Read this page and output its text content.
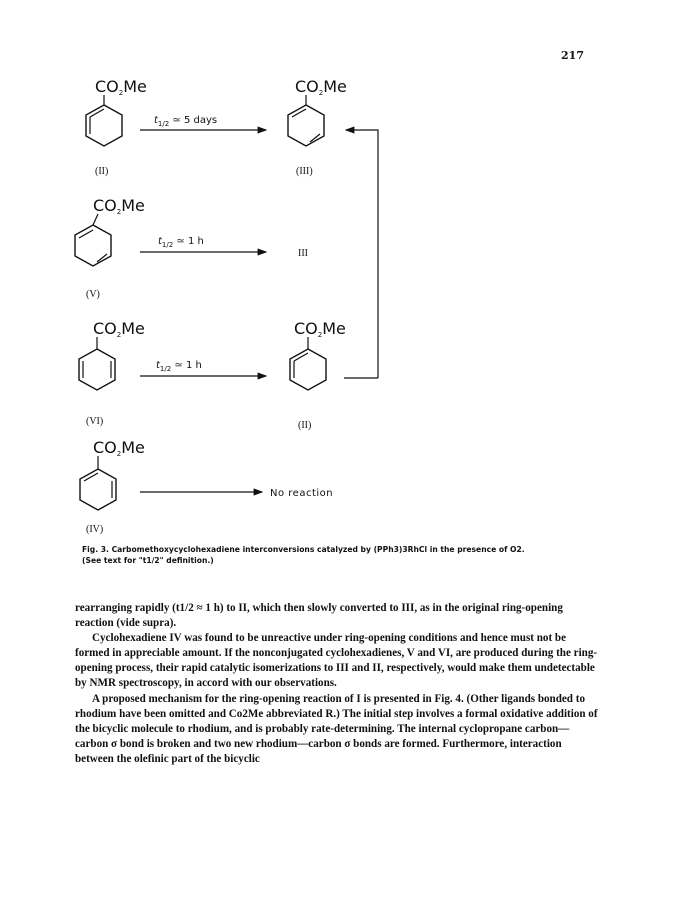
217
CO2Me
(II)
$t_{1/2}$ ≃ 5 days
CO2Me
(III)
CO2Me
(V)
$t_{1/2}$ ≃ 1 h
III
CO2Me
(VI)
$t_{1/2}$ ≃ 1 h
CO2Me
(II)
CO2Me
(IV)
No reaction
Fig. 3. Carbomethoxycyclohexadiene interconversions catalyzed by (PPh3)3RhCl in the presence of O2.
(See text for "t1/2" definition.)

rearranging rapidly (t1/2 ≈ 1 h) to II, which then slowly converted to III, as in the original ring-opening reaction (vide supra).

Cyclohexadiene IV was found to be unreactive under ring-opening conditions and hence must not be formed in appreciable amount. If the nonconjugated cyclohexadienes, V and VI, are produced during the ring-opening process, their rapid catalytic isomerizations to III and II, respectively, would make them undetectable by NMR spectroscopy, in accord with our observations.

A proposed mechanism for the ring-opening reaction of I is presented in Fig. 4. (Other ligands bonded to rhodium have been omitted and Co2Me abbreviated R.) The initial step involves a formal oxidative addition of the bicyclic molecule to rhodium, and is probably rate-determining. The internal cyclopropane carbon—carbon σ bond is broken and two new rhodium—carbon σ bonds are formed. Furthermore, interaction between the olefinic part of the bicyclic
